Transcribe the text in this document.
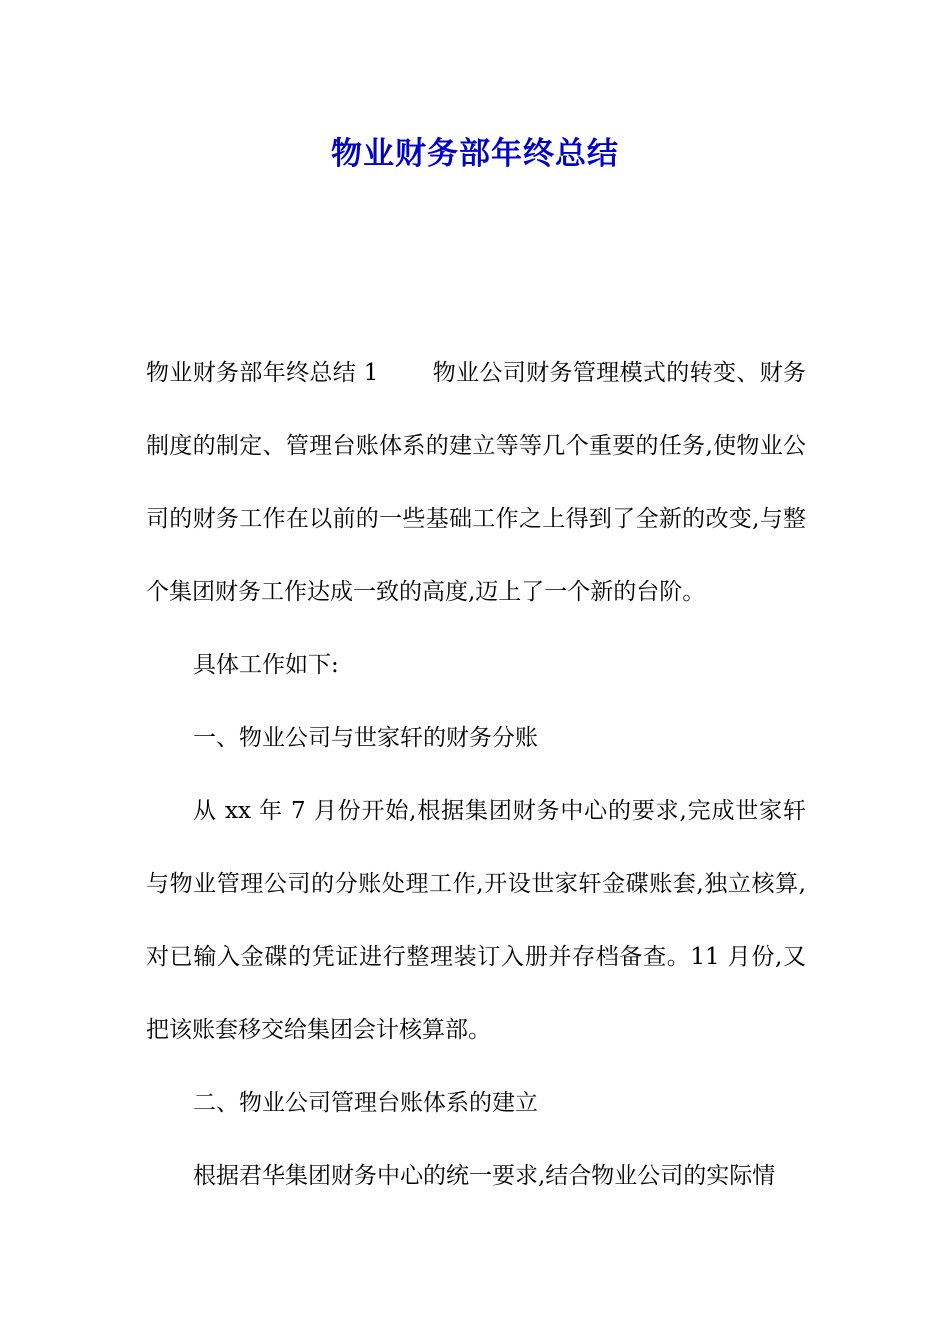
物业财务部年终总结

物业财务部年终总结 1 物业公司财务管理模式的转变、财务制度的制定、管理台账体系的建立等等几个重要的任务,使物业公司的财务工作在以前的一些基础工作之上得到了全新的改变,与整个集团财务工作达成一致的高度,迈上了一个新的台阶。

具体工作如下:

一、物业公司与世家轩的财务分账

从 xx 年 7 月份开始,根据集团财务中心的要求,完成世家轩与物业管理公司的分账处理工作,开设世家轩金碟账套,独立核算,对已输入金碟的凭证进行整理装订入册并存档备查。11 月份,又把该账套移交给集团会计核算部。

二、物业公司管理台账体系的建立

根据君华集团财务中心的统一要求,结合物业公司的实际情
